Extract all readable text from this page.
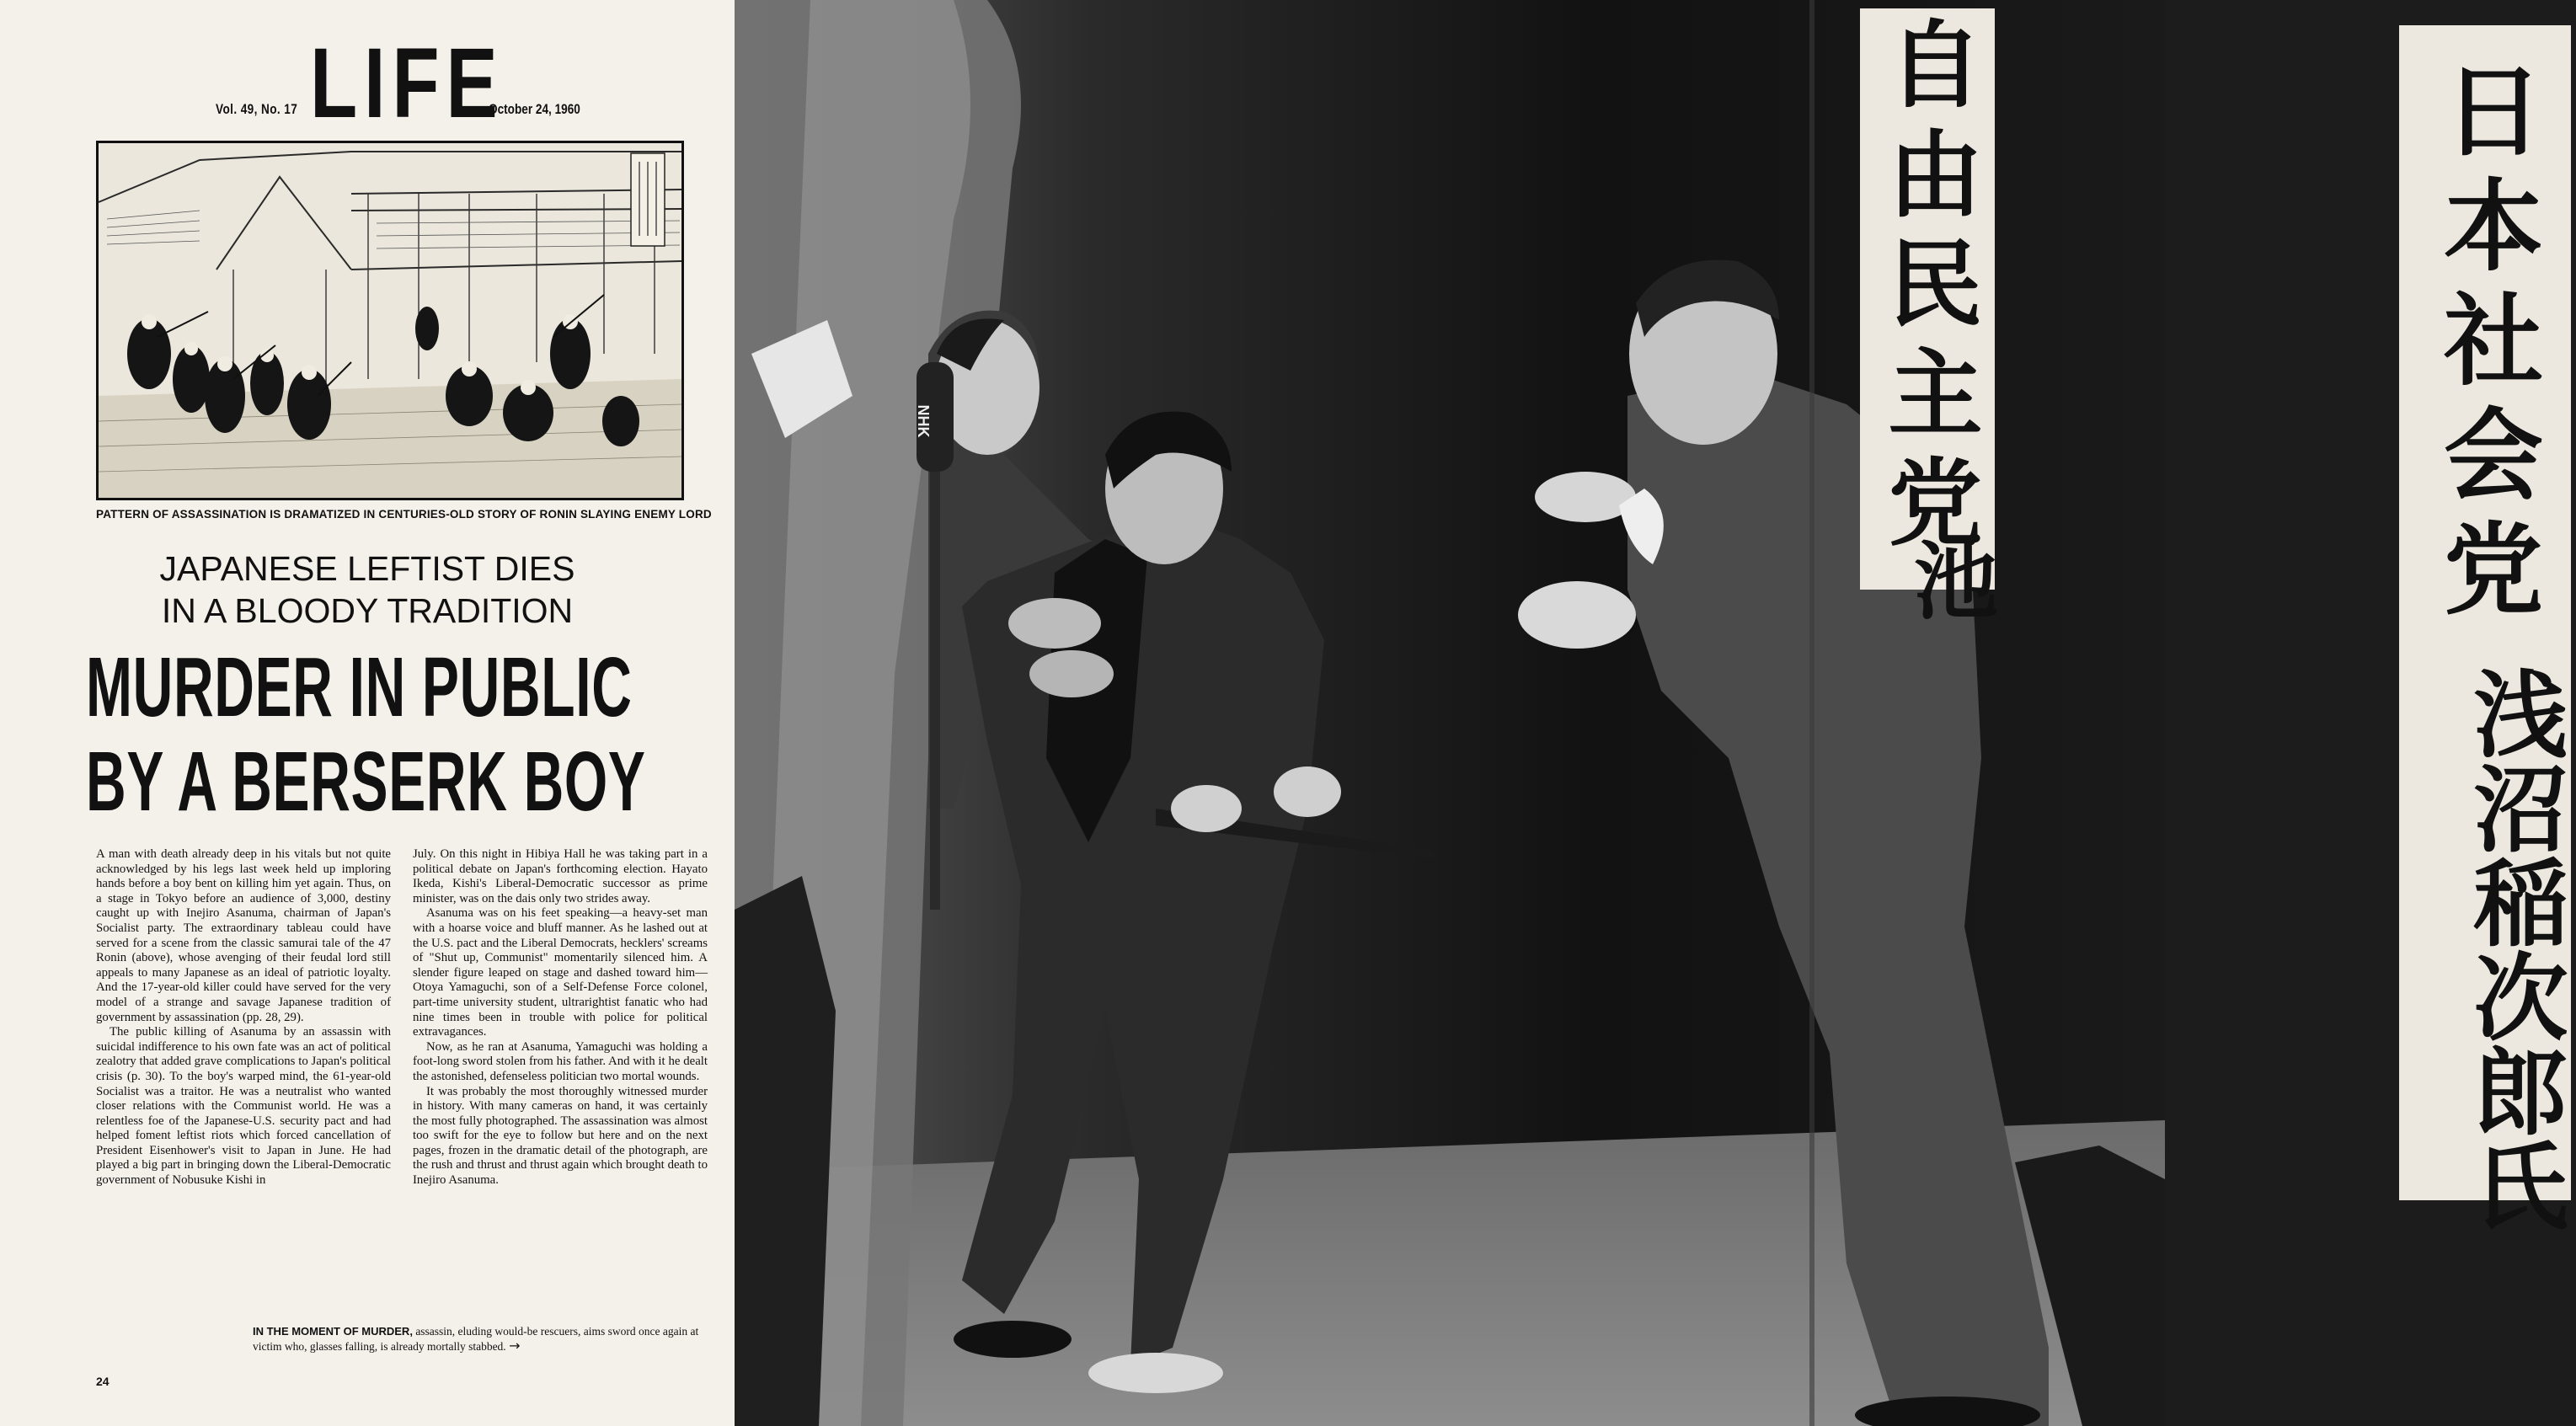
Vol. 49, No. 17 LIFE
October 24, 1960
PATTERN OF ASSASSINATION IS DRAMATIZED IN CENTURIES-OLD STORY OF RONIN SLAYING ENEMY LORD
JAPANESE LEFTIST DIES
IN A BLOODY TRADITION
MURDER IN PUBLIC
BY A BERSERK BOY

A man with death already deep in his vitals but not quite acknowledged by his legs last week held up imploring hands before a boy bent on killing him yet again. Thus, on a stage in Tokyo before an audience of 3,000, destiny caught up with Inejiro Asanuma, chairman of Japan's Socialist party. The extraordinary tableau could have served for a scene from the classic samurai tale of the 47 Ronin (above), whose avenging of their feudal lord still appeals to many Japanese as an ideal of patriotic loyalty. And the 17-year-old killer could have served for the very model of a strange and savage Japanese tradition of government by assassination (pp. 28, 29).

The public killing of Asanuma by an assassin with suicidal indifference to his own fate was an act of political zealotry that added grave complications to Japan's political crisis (p. 30). To the boy's warped mind, the 61-year-old Socialist was a traitor. He was a neutralist who wanted closer relations with the Communist world. He was a relentless foe of the Japanese-U.S. security pact and had helped foment leftist riots which forced cancellation of President Eisenhower's visit to Japan in June. He had played a big part in bringing down the Liberal-Democratic government of Nobusuke Kishi in

July. On this night in Hibiya Hall he was taking part in a political debate on Japan's forthcoming election. Hayato Ikeda, Kishi's Liberal-Democratic successor as prime minister, was on the dais only two strides away.

Asanuma was on his feet speaking—a heavy-set man with a hoarse voice and bluff manner. As he lashed out at the U.S. pact and the Liberal Democrats, hecklers' screams of "Shut up, Communist" momentarily silenced him. A slender figure leaped on stage and dashed toward him—Otoya Yamaguchi, son of a Self-Defense Force colonel, part-time university student, ultrarightist fanatic who had nine times been in trouble with police for political extravagances.

Now, as he ran at Asanuma, Yamaguchi was holding a foot-long sword stolen from his father. And with it he dealt the astonished, defenseless politician two mortal wounds.

It was probably the most thoroughly witnessed murder in history. With many cameras on hand, it was certainly the most fully photographed. The assassination was almost too swift for the eye to follow but here and on the next pages, frozen in the dramatic detail of the photograph, are the rush and thrust and thrust again which brought death to Inejiro Asanuma.

IN THE MOMENT OF MURDER, assassin, eluding would-be rescuers, aims sword once again at victim who, glasses falling, is already mortally stabbed. →
24
NHK	自由民主党
池	日本社会党
浅沼稲次郎氏
